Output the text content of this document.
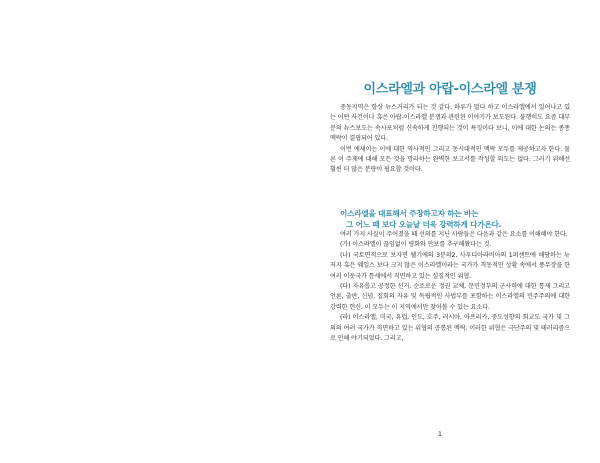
이스라엘과 아랍-이스라엘 분쟁

중동지역은 항상 뉴스거리가 되는 것 같다. 하루가 멀다 하고 이스라엘에서 일어나고 있는 어떤 사건이나 혹은 아랍-이스라엘 분쟁과 관련된 이야기가 보도된다. 불행히도 요즘 대부분의 뉴스보도는 속사포처럼 신속하게 진행되는 것이 특징이다 보니, 이에 대한 논의는 종종 맥락이 결핍되어 있다.

이번 에세이는 이에 대한 역사적인 그리고 동시대적인 맥락 모두를 제공하고자 한다. 물론 이 주제에 대해 모든 것을 망라하는 완벽한 보고서를 작성할 의도는 없다. 그러기 위해선 훨씬 더 많은 분량이 필요할 것이다.

이스라엘을 대표해서 주장하고자 하는 바는
그 어느 때 보다 오늘날 더욱 강력하게 다가온다.

여러 가지 사실이 주어졌을 때 선의를 지닌 사람들은 다음과 같은 요소를 이해해야 한다.

(가) 이스라엘이 끊임없이 평화와 안보를 추구해왔다는 것.

(나) 국토면적으로 보자면 웰기에의 3분의2, 사우디아라비아의 1퍼센트에 해당하는 뉴저지 혹은 웨일스 보다 크지 않은 이스라엘이라는 국가가 격동적인 상황 속에서 풍무장을 한 여러 이웃국가 틈새에서 직면하고 있는 실질적인 위협.

(다) 자유롭고 공정한 선거, 순조로운 정권 교체, 문민정부의 군사력에 대한 통제 그리고 언론, 출판, 신념, 집회의 자유 및 독립적인 사법부를 포함하는 이스라엘의 민주주의에 대한 강력한 헌신. 이 모두는 이 지역에서만 찾아볼 수 있는 요소다.

(라) 이스라엘, 미국, 유럽, 인도, 호주, 러시아, 아프리카, 중도성향의 회교도 국가 및 그 외의 여러 국가가 직면하고 있는 위협의 공통된 맥락. 이러한 위협은 극단주의 및 테러리즘으로 인해 야기되었다. 그리고,

1
